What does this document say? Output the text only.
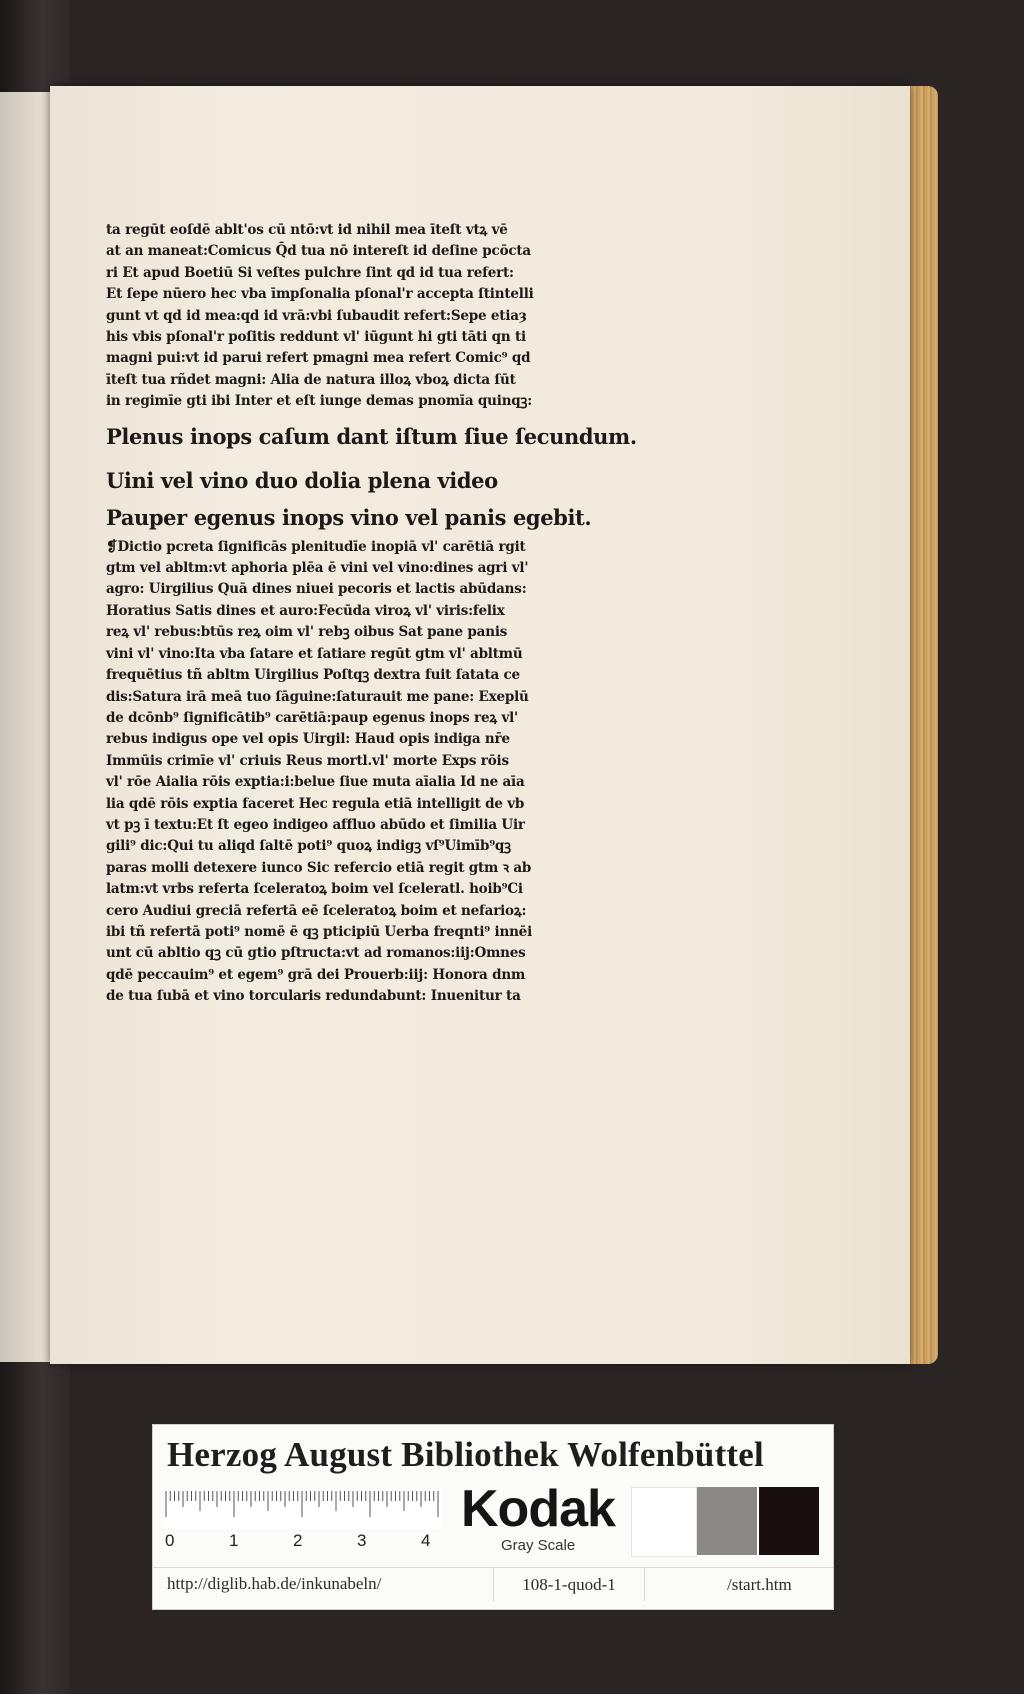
ta regūt eoſdē ablt'os cū ntō:vt id nihil mea īteſt vtꝝ vē
at an maneat:Comicus Q̄d tua nō intereſt id deſine pcōcta
ri Et apud Boetiū Si veſtes pulchre ſint qd id tua refert:
Et ſepe nūero hec vba īmpſonalia pſonal'r accepta ſtintelli
gunt vt qd id mea:qd id vrā:vbi ſubaudit refert:Sepe etiaȝ
his vbis pſonal'r poſitis reddunt vl' iūgunt hi gti tāti qn ti
magni pui:vt id parui refert pmagni mea refert Comic⁹ qd
īteſt tua rñdet magni: Alia de natura illoꝝ vboꝝ dicta ſūt
in regimīe gti ibi Inter et eſt iunge demas pnomīa quinqꝫ:
Plenus inops caſum dant iſtum ſiue ſecundum.
Uini vel vino duo dolia plena video
Pauper egenus inops vino vel panis egebit.
❡Dictio pcreta ſignificās plenitudīe inopiā vl' carētiā rgit
gtm vel abltm:vt aphoria plēa ē vini vel vino:dines agri vl'
agro: Uirgilius Quā dines niuei pecoris et lactis abūdans:
Horatius Satis dines et auro:Fecūda viroꝝ vl' viris:felix
reꝝ vl' rebus:btūs reꝝ oim vl' rebꝫ oibus Sat pane panis
vini vl' vino:Ita vba ſatare et ſatiare regūt gtm vl' abltmū
frequētius tñ abltm Uirgilius Poſtqꝫ dextra fuit ſatata ce
dis:Satura irā meā tuo ſāguine:ſaturauit me pane: Exeplū
de dcōnb⁹ ſignificātib⁹ carētiā:paup egenus inops reꝝ vl'
rebus indigus ope vel opis Uirgil: Haud opis indiga nr̄e
Immūis crimīe vl' criuis Reus mortl.vl' morte Exps rōis
vl' rōe Aialia rōis exptia:i:belue ſiue muta aīalia Id ne aīa
lia qdē rōis exptia faceret Hec regula etiā intelligit de vb
vt pꝫ ī textu:Et ſt egeo indigeo affluo abūdo et ſimilia Uir
gili⁹ dic:Qui tu aliqd ſaltē poti⁹ quoꝝ indigꝫ vſ⁹Uimīb⁹qꝫ
paras molli detexere iunco Sic refercio etiā regit gtm ꝛ ab
latm:vt vrbs referta ſceleratoꝝ boim vel ſceleratl. hoib⁹Ci
cero Audiui greciā refertā eē ſceleratoꝝ boim et nefarioꝝ:
ibi tñ refertā poti⁹ nomē ē qꝫ pticipiū Uerba freqnti⁹ innēi
unt cū abltio qꝫ cū gtio pſtructa:vt ad romanos:iij:Omnes
qdē peccauim⁹ et egem⁹ grā dei Prouerb:iij: Honora dnm
de tua ſubā et vino torcularis redundabunt: Inuenitur ta
Herzog August Bibliothek Wolfenbüttel
0	1	2	3	4
Kodak
Gray Scale
http://diglib.hab.de/inkunabeln/	108-1-quod-1	/start.htm
